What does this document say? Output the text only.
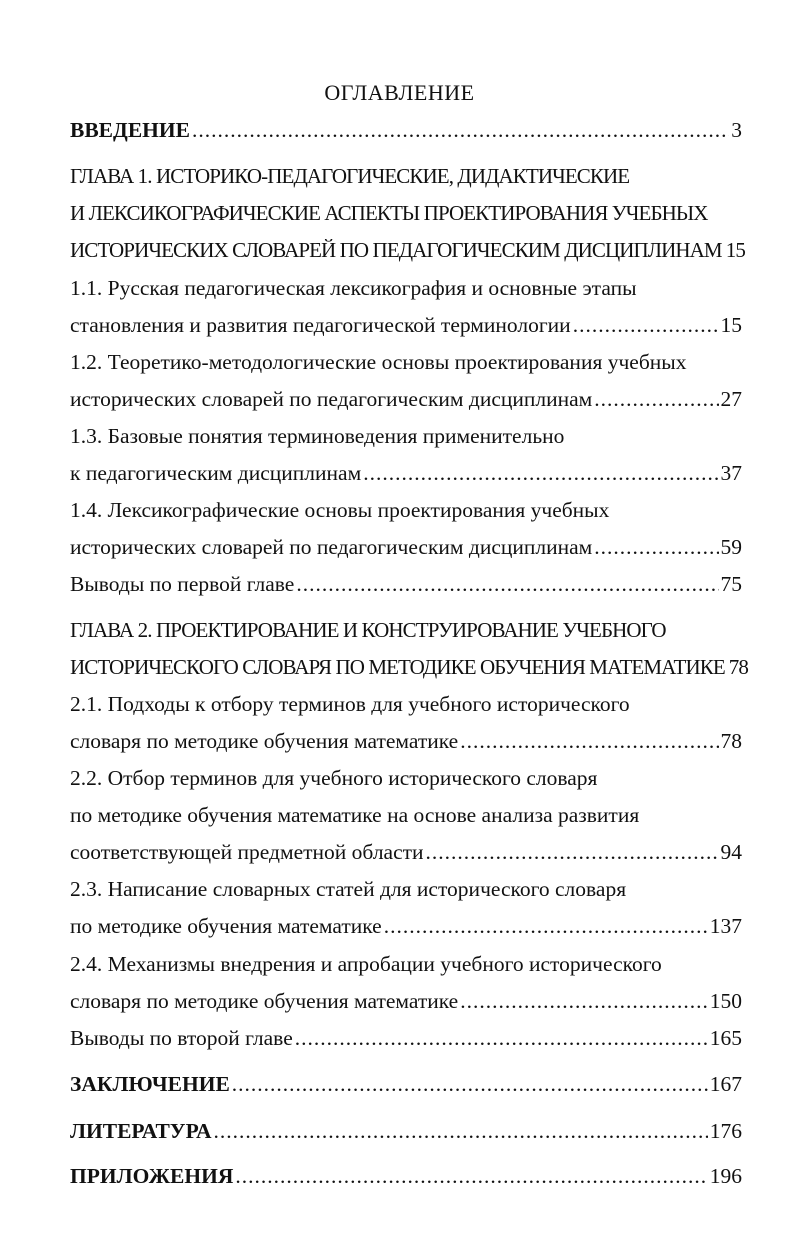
ОГЛАВЛЕНИЕ
ВВЕДЕНИЕ .....	3
ГЛАВА 1. ИСТОРИКО-ПЕДАГОГИЧЕСКИЕ, ДИДАКТИЧЕСКИЕ
И ЛЕКСИКОГРАФИЧЕСКИЕ АСПЕКТЫ ПРОЕКТИРОВАНИЯ УЧЕБНЫХ
ИСТОРИЧЕСКИХ СЛОВАРЕЙ ПО ПЕДАГОГИЧЕСКИМ ДИСЦИПЛИНАМ 15
1.1. Русская педагогическая лексикография и основные этапы
становления и развития педагогической терминологии .....	15
1.2. Теоретико-методологические основы проектирования учебных
исторических словарей по педагогическим дисциплинам .....	27
1.3. Базовые понятия терминоведения применительно
к педагогическим дисциплинам .....	37
1.4. Лексикографические основы проектирования учебных
исторических словарей по педагогическим дисциплинам .....	59
Выводы по первой главе .....	75
ГЛАВА 2. ПРОЕКТИРОВАНИЕ И КОНСТРУИРОВАНИЕ УЧЕБНОГО
ИСТОРИЧЕСКОГО СЛОВАРЯ ПО МЕТОДИКЕ ОБУЧЕНИЯ МАТЕМАТИКЕ 78
2.1. Подходы к отбору терминов для учебного исторического
словаря по методике обучения математике .....	78
2.2. Отбор терминов для учебного исторического словаря
по методике обучения математике на основе анализа развития
соответствующей предметной области .....	94
2.3. Написание словарных статей для исторического словаря
по методике обучения математике .....	137
2.4. Механизмы внедрения и апробации учебного исторического
словаря по методике обучения математике .....	150
Выводы по второй главе .....	165
ЗАКЛЮЧЕНИЕ .....	167
ЛИТЕРАТУРА .....	176
ПРИЛОЖЕНИЯ .....	196
